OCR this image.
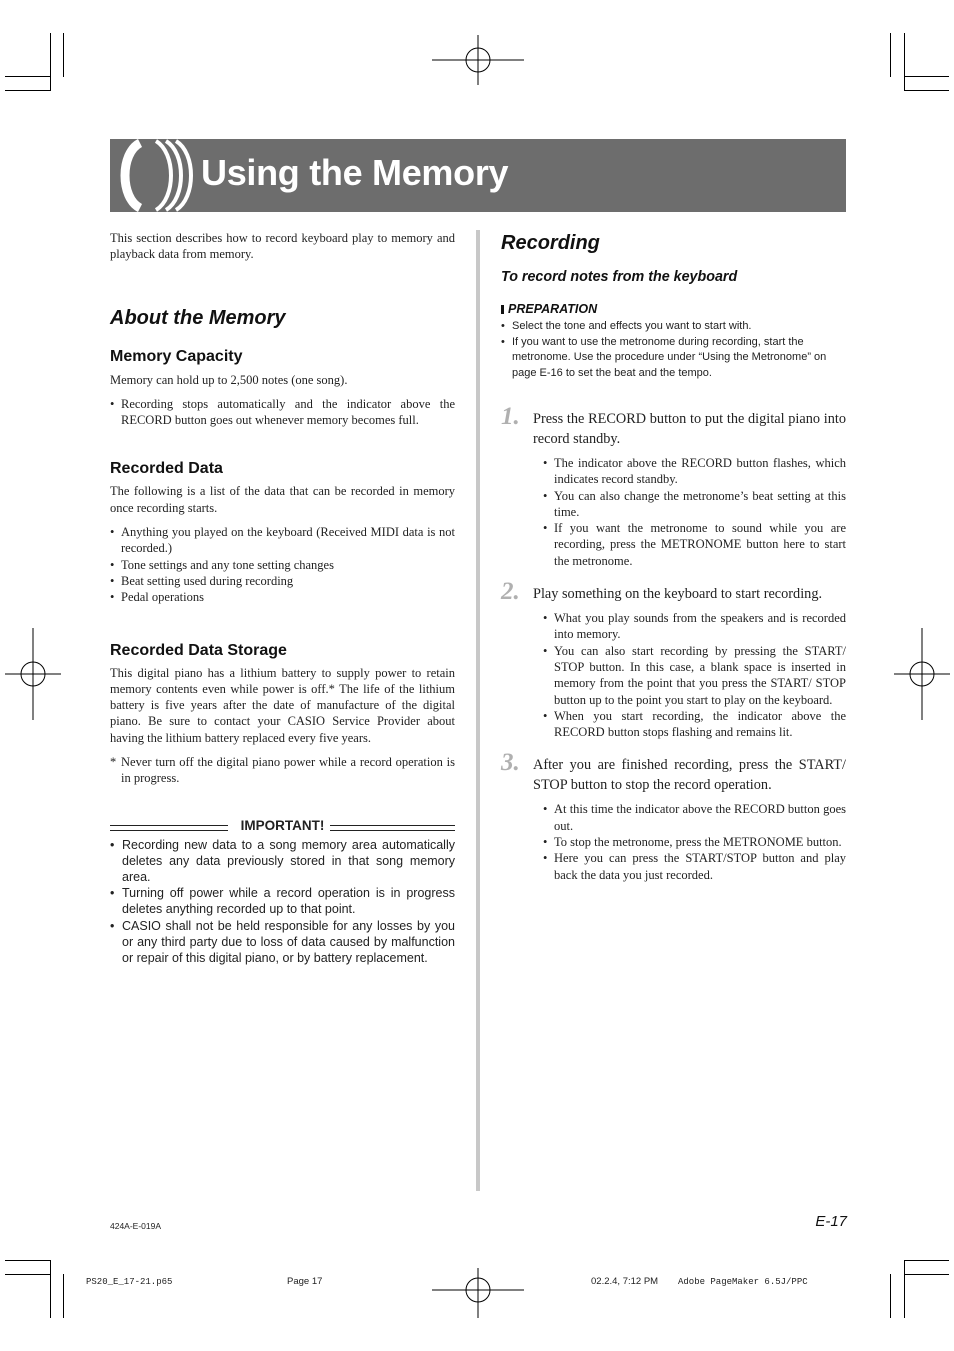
Using the Memory

This section describes how to record keyboard play to memory and playback data from memory.

About the Memory
Memory Capacity

Memory can hold up to 2,500 notes (one song).

• Recording stops automatically and the indicator above the RECORD button goes out whenever memory becomes full.
Recorded Data

The following is a list of the data that can be recorded in memory once recording starts.

• Anything you played on the keyboard (Received MIDI data is not recorded.)
• Tone settings and any tone setting changes
• Beat setting used during recording
• Pedal operations
Recorded Data Storage

This digital piano has a lithium battery to supply power to retain memory contents even while power is off.* The life of the lithium battery is five years after the date of manufacture of the digital piano. Be sure to contact your CASIO Service Provider about having the lithium battery replaced every five years.

* Never turn off the digital piano power while a record operation is in progress.
IMPORTANT!
• Recording new data to a song memory area automatically deletes any data previously stored in that song memory area.
• Turning off power while a record operation is in progress deletes anything recorded up to that point.
• CASIO shall not be held responsible for any losses by you or any third party due to loss of data caused by malfunction or repair of this digital piano, or by battery replacement.
Recording
To record notes from the keyboard
PREPARATION
• Select the tone and effects you want to start with.
• If you want to use the metronome during recording, start the metronome. Use the procedure under “Using the Metronome” on page E-16 to set the beat and the tempo.
1. Press the RECORD button to put the digital piano into record standby.

• The indicator above the RECORD button flashes, which indicates record standby.
• You can also change the metronome’s beat setting at this time.
• If you want the metronome to sound while you are recording, press the METRONOME button here to start the metronome.
2. Play something on the keyboard to start recording.

• What you play sounds from the speakers and is recorded into memory.
• You can also start recording by pressing the START/ STOP button. In this case, a blank space is inserted in memory from the point that you press the START/ STOP button up to the point you start to play on the keyboard.
• When you start recording, the indicator above the RECORD button stops flashing and remains lit.
3. After you are finished recording, press the START/ STOP button to stop the record operation.

• At this time the indicator above the RECORD button goes out.
• To stop the metronome, press the METRONOME button.
• Here you can press the START/STOP button and play back the data you just recorded.
424A-E-019A	E-17
PS20_E_17-21.p65	Page 17	02.2.4, 7:12 PM Adobe PageMaker 6.5J/PPC
